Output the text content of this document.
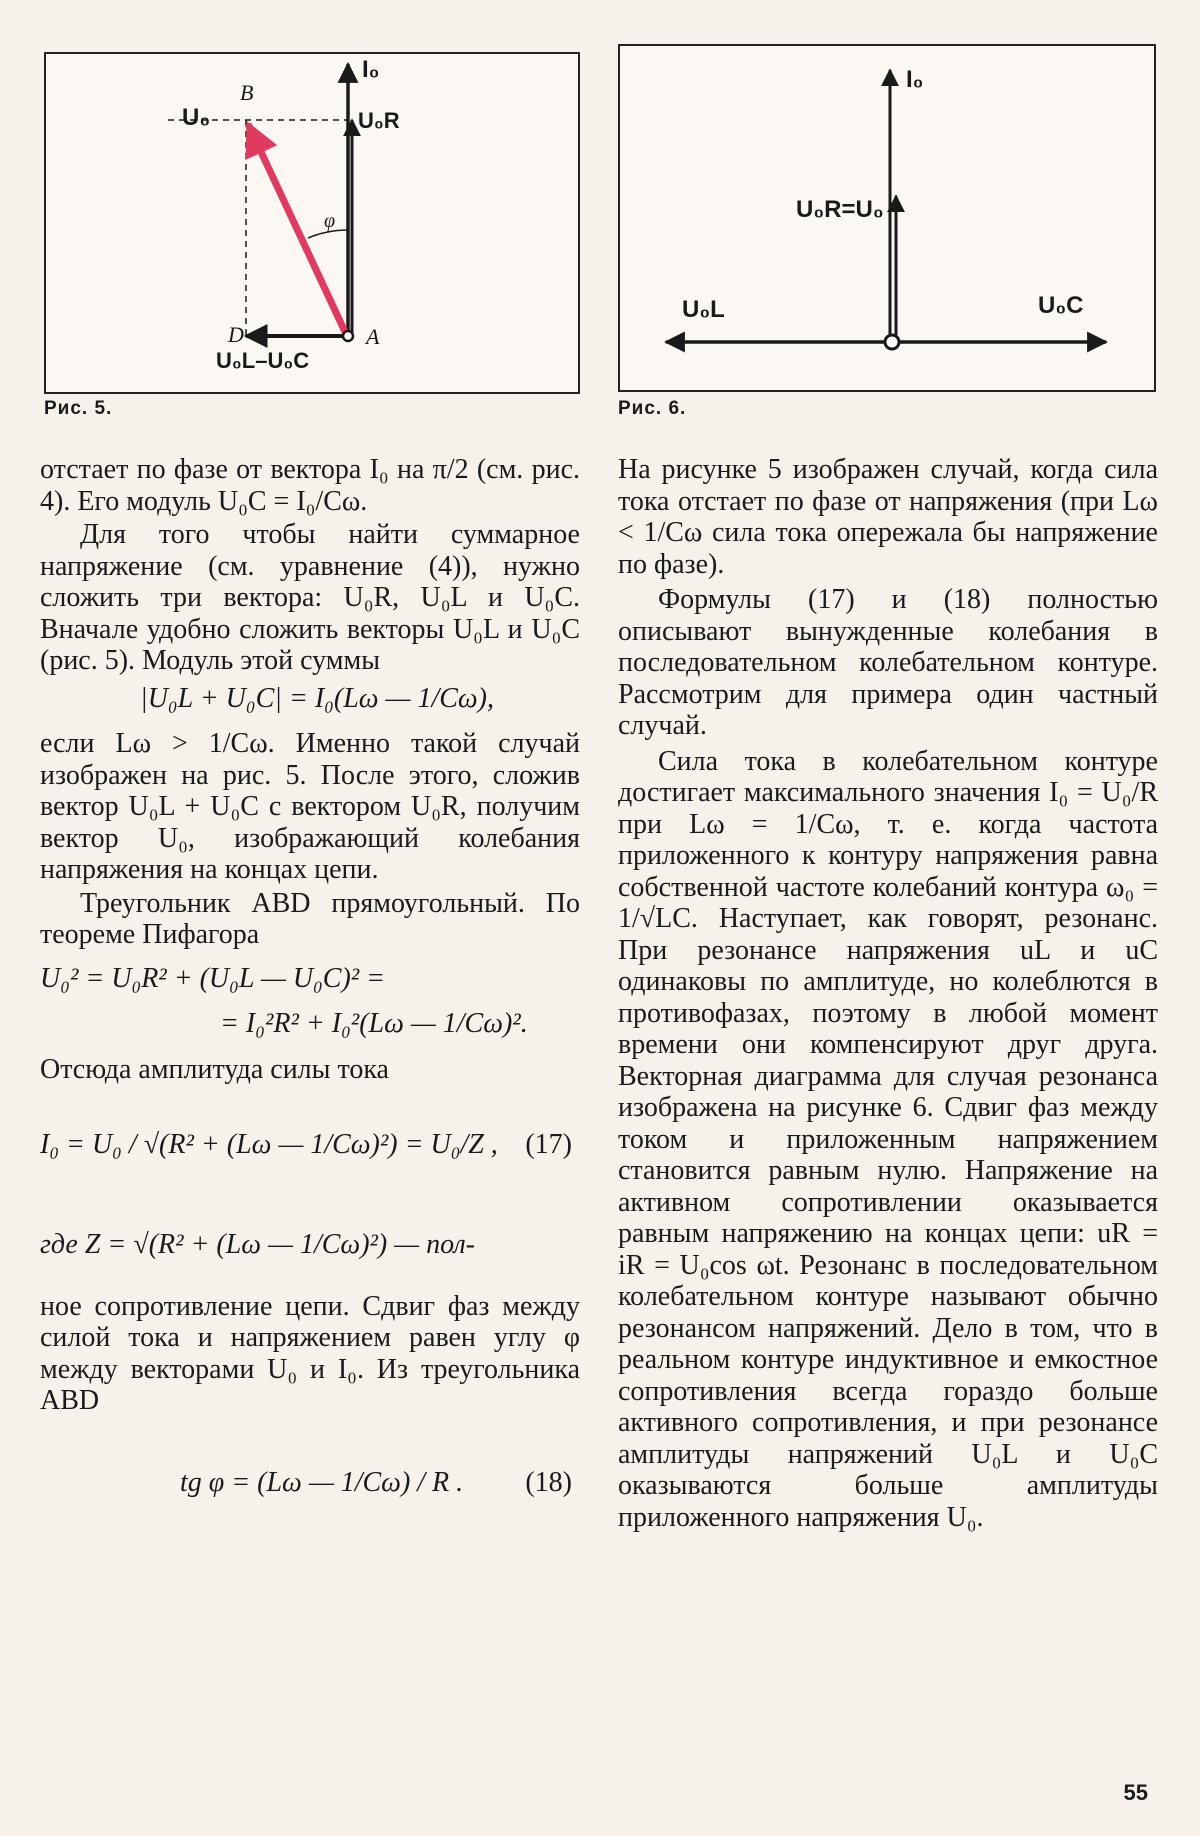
I₀
B
U₀	U₀R
φ
D	A
U₀L–U₀C
Рис. 5.
I₀
U₀R=U₀
U₀L	U₀C
Рис. 6.

отстает по фазе от вектора I₀ на π/2 (см. рис. 4). Его модуль U₀C = I₀/Cω.

Для того чтобы найти суммарное напряжение (см. уравнение (4)), нужно сложить три вектора: U₀R, U₀L и U₀C. Вначале удобно сложить векторы U₀L и U₀C (рис. 5). Модуль этой суммы

|U₀L + U₀C| = I₀(Lω — 1/Cω),

если Lω > 1/Cω. Именно такой случай изображен на рис. 5. После этого, сложив вектор U₀L + U₀C с вектором U₀R, получим вектор U₀, изображающий колебания напряжения на концах цепи.

Треугольник ABD прямоугольный. По теореме Пифагора

U₀² = U₀R² + (U₀L — U₀C)² =

= I₀²R² + I₀²(Lω — 1/Cω)².

Отсюда амплитуда силы тока

I₀ = U₀ / √(R² + (Lω — 1/Cω)²) = U₀/Z , (17)

где Z = √(R² + (Lω — 1/Cω)²) — пол-

ное сопротивление цепи. Сдвиг фаз между силой тока и напряжением равен углу φ между векторами U₀ и I₀. Из треугольника ABD

tg φ = (Lω — 1/Cω) / R . (18)

На рисунке 5 изображен случай, когда сила тока отстает по фазе от напряжения (при Lω < 1/Cω сила тока опережала бы напряжение по фазе).

Формулы (17) и (18) полностью описывают вынужденные колебания в последовательном колебательном контуре. Рассмотрим для примера один частный случай.

Сила тока в колебательном контуре достигает максимального значения I₀ = U₀/R при Lω = 1/Cω, т. е. когда частота приложенного к контуру напряжения равна собственной частоте колебаний контура ω₀ = 1/√LC. Наступает, как говорят, резонанс. При резонансе напряжения uL и uC одинаковы по амплитуде, но колеблются в противофазах, поэтому в любой момент времени они компенсируют друг друга. Векторная диаграмма для случая резонанса изображена на рисунке 6. Сдвиг фаз между током и приложенным напряжением становится равным нулю. Напряжение на активном сопротивлении оказывается равным напряжению на концах цепи: uR = iR = U₀cos ωt. Резонанс в последовательном колебательном контуре называют обычно резонансом напряжений. Дело в том, что в реальном контуре индуктивное и емкостное сопротивления всегда гораздо больше активного сопротивления, и при резонансе амплитуды напряжений U₀L и U₀C оказываются больше амплитуды приложенного напряжения U₀.

55
